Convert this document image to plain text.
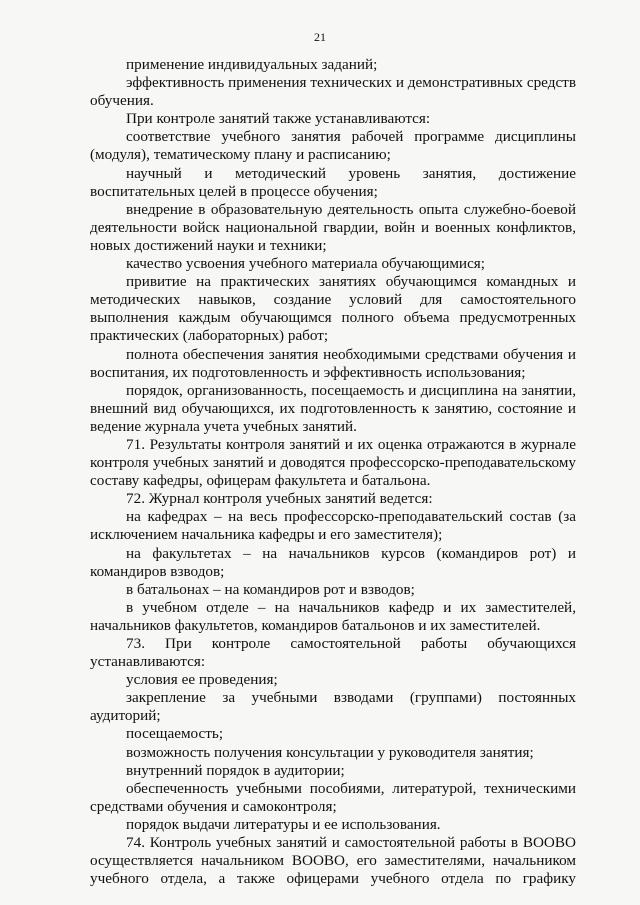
21

применение индивидуальных заданий;

эффективность применения технических и демонстративных средств обучения.

При контроле занятий также устанавливаются:

соответствие учебного занятия рабочей программе дисциплины (модуля), тематическому плану и расписанию;

научный и методический уровень занятия, достижение воспитательных целей в процессе обучения;

внедрение в образовательную деятельность опыта служебно-боевой деятельности войск национальной гвардии, войн и военных конфликтов, новых достижений науки и техники;

качество усвоения учебного материала обучающимися;

привитие на практических занятиях обучающимся командных и методических навыков, создание условий для самостоятельного выполнения каждым обучающимся полного объема предусмотренных практических (лабораторных) работ;

полнота обеспечения занятия необходимыми средствами обучения и воспитания, их подготовленность и эффективность использования;

порядок, организованность, посещаемость и дисциплина на занятии, внешний вид обучающихся, их подготовленность к занятию, состояние и ведение журнала учета учебных занятий.

71. Результаты контроля занятий и их оценка отражаются в журнале контроля учебных занятий и доводятся профессорско-преподавательскому составу кафедры, офицерам факультета и батальона.

72. Журнал контроля учебных занятий ведется:

на кафедрах – на весь профессорско-преподавательский состав (за исключением начальника кафедры и его заместителя);

на факультетах – на начальников курсов (командиров рот) и командиров взводов;

в батальонах – на командиров рот и взводов;

в учебном отделе – на начальников кафедр и их заместителей, начальников факультетов, командиров батальонов и их заместителей.

73. При контроле самостоятельной работы обучающихся устанавливаются:

условия ее проведения;

закрепление за учебными взводами (группами) постоянных аудиторий;

посещаемость;

возможность получения консультации у руководителя занятия;

внутренний порядок в аудитории;

обеспеченность учебными пособиями, литературой, техническими средствами обучения и самоконтроля;

порядок выдачи литературы и ее использования.

74. Контроль учебных занятий и самостоятельной работы в ВООВО осуществляется начальником ВООВО, его заместителями, начальником учебного отдела, а также офицерами учебного отдела по графику
